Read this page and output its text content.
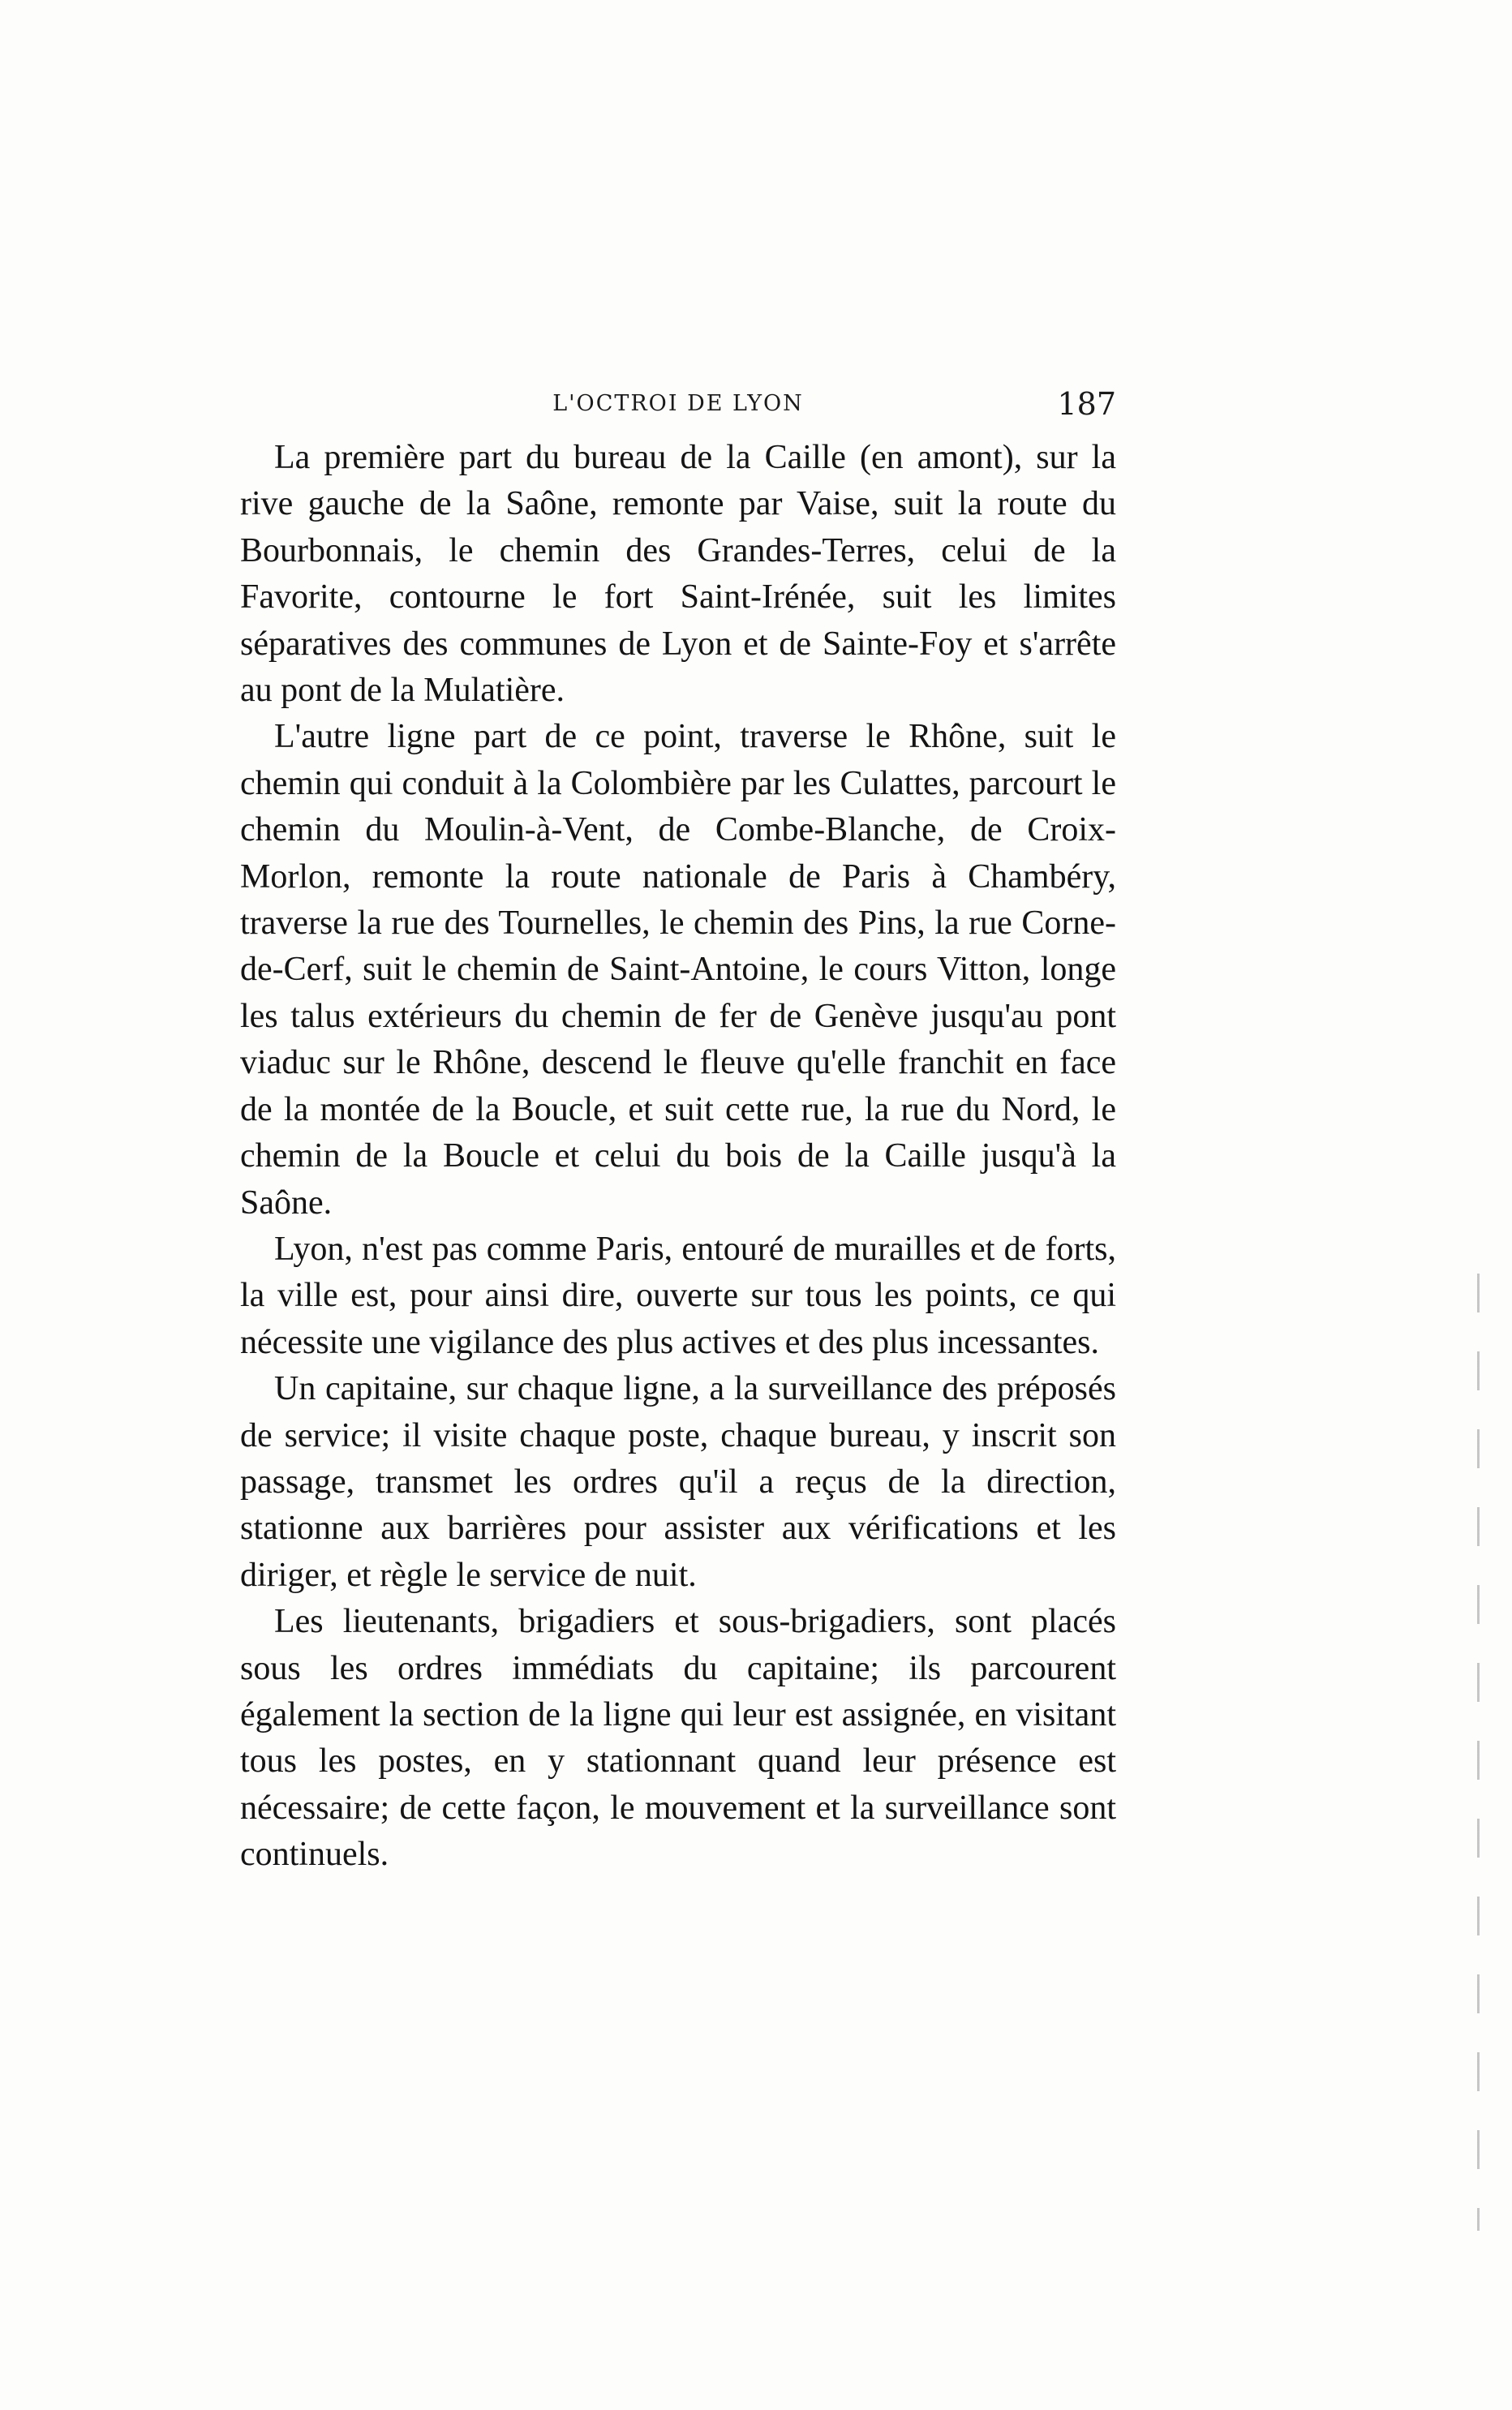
L'OCTROI DE LYON	187

La première part du bureau de la Caille (en amont), sur la rive gauche de la Saône, remonte par Vaise, suit la route du Bourbonnais, le chemin des Grandes-Terres, celui de la Favorite, contourne le fort Saint-Irénée, suit les limites séparatives des communes de Lyon et de Sainte-Foy et s'arrête au pont de la Mulatière.

L'autre ligne part de ce point, traverse le Rhône, suit le chemin qui conduit à la Colombière par les Culattes, parcourt le chemin du Moulin-à-Vent, de Combe-Blanche, de Croix-Morlon, remonte la route nationale de Paris à Chambéry, traverse la rue des Tournelles, le chemin des Pins, la rue Corne-de-Cerf, suit le chemin de Saint-Antoine, le cours Vitton, longe les talus extérieurs du chemin de fer de Genève jusqu'au pont viaduc sur le Rhône, descend le fleuve qu'elle franchit en face de la montée de la Boucle, et suit cette rue, la rue du Nord, le chemin de la Boucle et celui du bois de la Caille jusqu'à la Saône.

Lyon, n'est pas comme Paris, entouré de murailles et de forts, la ville est, pour ainsi dire, ouverte sur tous les points, ce qui nécessite une vigilance des plus actives et des plus incessantes.

Un capitaine, sur chaque ligne, a la surveillance des préposés de service; il visite chaque poste, chaque bureau, y inscrit son passage, transmet les ordres qu'il a reçus de la direction, stationne aux barrières pour assister aux vérifications et les diriger, et règle le service de nuit.

Les lieutenants, brigadiers et sous-brigadiers, sont placés sous les ordres immédiats du capitaine; ils parcourent également la section de la ligne qui leur est assignée, en visitant tous les postes, en y stationnant quand leur présence est nécessaire; de cette façon, le mouvement et la surveillance sont continuels.
